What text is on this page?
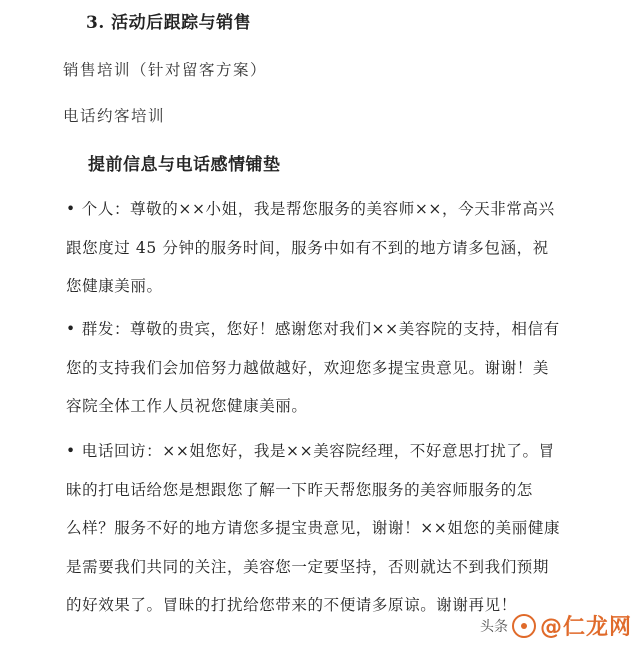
3. 活动后跟踪与销售
销售培训（针对留客方案）
电话约客培训
提前信息与电话感情铺垫
• 个人：尊敬的××小姐，我是帮您服务的美容师××，今天非常高兴
跟您度过 45 分钟的服务时间，服务中如有不到的地方请多包涵，祝
您健康美丽。
• 群发：尊敬的贵宾，您好！感谢您对我们××美容院的支持，相信有
您的支持我们会加倍努力越做越好，欢迎您多提宝贵意见。谢谢！美
容院全体工作人员祝您健康美丽。
• 电话回访：××姐您好，我是××美容院经理，不好意思打扰了。冒
昧的打电话给您是想跟您了解一下昨天帮您服务的美容师服务的怎
么样？服务不好的地方请您多提宝贵意见，谢谢！××姐您的美丽健康
是需要我们共同的关注，美容您一定要坚持，否则就达不到我们预期
的好效果了。冒昧的打扰给您带来的不便请多原谅。谢谢再见！
头条 @仁龙网
